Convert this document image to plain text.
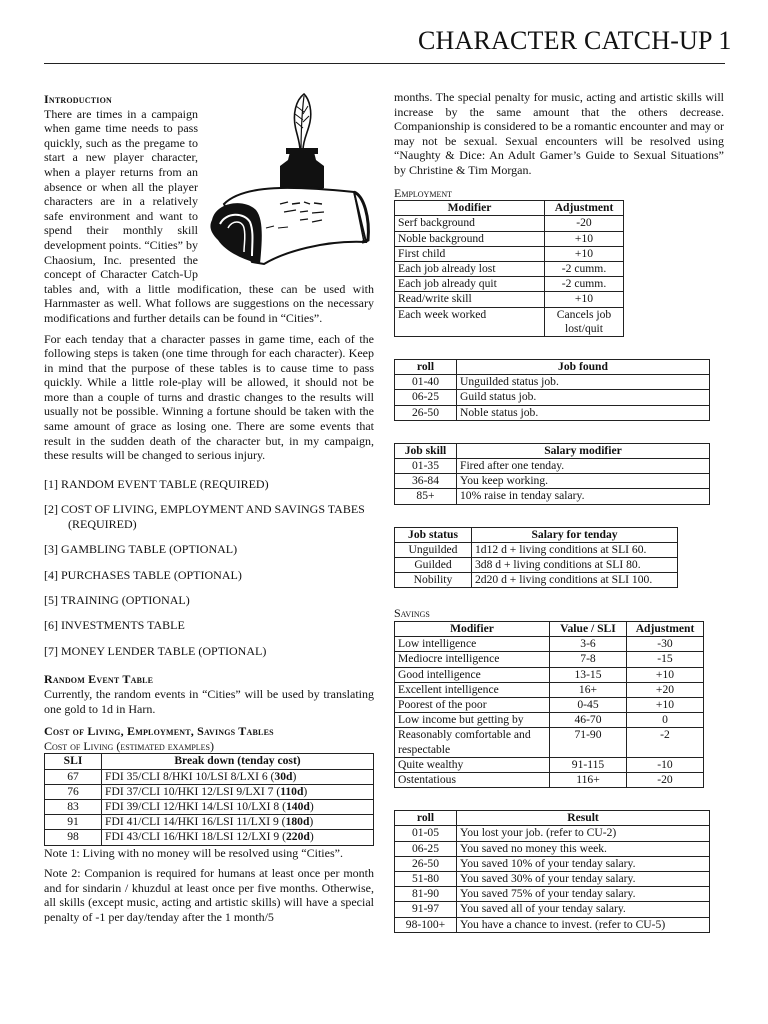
CHARACTER CATCH-UP 1

Introduction

There are times in a campaign when game time needs to pass quickly, such as the pregame to start a new player character, when a player returns from an absence or when all the player characters are in a relatively safe environment and want to spend their monthly skill development points. “Cities” by Chaosium, Inc. presented the concept of Character Catch-Up tables and, with a little modification, these can be used with Harnmaster as well. What follows are suggestions on the necessary modifications and further details can be found in “Cities”.

For each tenday that a character passes in game time, each of the following steps is taken (one time through for each character). Keep in mind that the purpose of these tables is to cause time to pass quickly. While a little role-play will be allowed, it should not be more than a couple of turns and drastic changes to the results will usually not be possible. Winning a fortune should be taken with the same amount of grace as losing one. There are some events that result in the sudden death of the character but, in my campaign, these results will be changed to serious injury.

[1] RANDOM EVENT TABLE (REQUIRED)
[2] COST OF LIVING, EMPLOYMENT AND SAVINGS TABES (REQUIRED)
[3] GAMBLING TABLE (OPTIONAL)
[4] PURCHASES TABLE (OPTIONAL)
[5] TRAINING (OPTIONAL)
[6] INVESTMENTS TABLE
[7] MONEY LENDER TABLE (OPTIONAL)

Random Event Table

Currently, the random events in “Cities” will be used by translating one gold to 1d in Harn.

Cost of Living, Employment, Savings Tables

Cost of Living (estimated examples)

SLI	Break down (tenday cost)
67	FDI 35/CLI 8/HKI 10/LSI 8/LXI 6 (30d)
76	FDI 37/CLI 10/HKI 12/LSI 9/LXI 7 (110d)
83	FDI 39/CLI 12/HKI 14/LSI 10/LXI 8 (140d)
91	FDI 41/CLI 14/HKI 16/LSI 11/LXI 9 (180d)
98	FDI 43/CLI 16/HKI 18/LSI 12/LXI 9 (220d)

Note 1: Living with no money will be resolved using “Cities”.

Note 2: Companion is required for humans at least once per month and for sindarin / khuzdul at least once per five months. Otherwise, all skills (except music, acting and artistic skills) will have a special penalty of -1 per day/tenday after the 1 month/5

months. The special penalty for music, acting and artistic skills will increase by the same amount that the others decrease. Companionship is considered to be a romantic encounter and may or may not be sexual. Sexual encounters will be resolved using “Naughty & Dice: An Adult Gamer’s Guide to Sexual Situations” by Christine & Tim Morgan.

Employment

Modifier	Adjustment
Serf background	-20
Noble background	+10
First child	+10
Each job already lost	-2 cumm.
Each job already quit	-2 cumm.
Read/write skill	+10
Each week worked	Cancels job lost/quit
roll	Job found
01-40	Unguilded status job.
06-25	Guild status job.
26-50	Noble status job.
Job skill	Salary modifier
01-35	Fired after one tenday.
36-84	You keep working.
85+	10% raise in tenday salary.
Job status	Salary for tenday
Unguilded	1d12 d + living conditions at SLI 60.
Guilded	3d8 d + living conditions at SLI 80.
Nobility	2d20 d + living conditions at SLI 100.

Savings

Modifier	Value / SLI	Adjustment
Low intelligence	3-6	-30
Mediocre intelligence	7-8	-15
Good intelligence	13-15	+10
Excellent intelligence	16+	+20
Poorest of the poor	0-45	+10
Low income but getting by	46-70	0
Reasonably comfortable and respectable	71-90	-2
Quite wealthy	91-115	-10
Ostentatious	116+	-20
roll	Result
01-05	You lost your job. (refer to CU-2)
06-25	You saved no money this week.
26-50	You saved 10% of your tenday salary.
51-80	You saved 30% of your tenday salary.
81-90	You saved 75% of your tenday salary.
91-97	You saved all of your tenday salary.
98-100+	You have a chance to invest. (refer to CU-5)
